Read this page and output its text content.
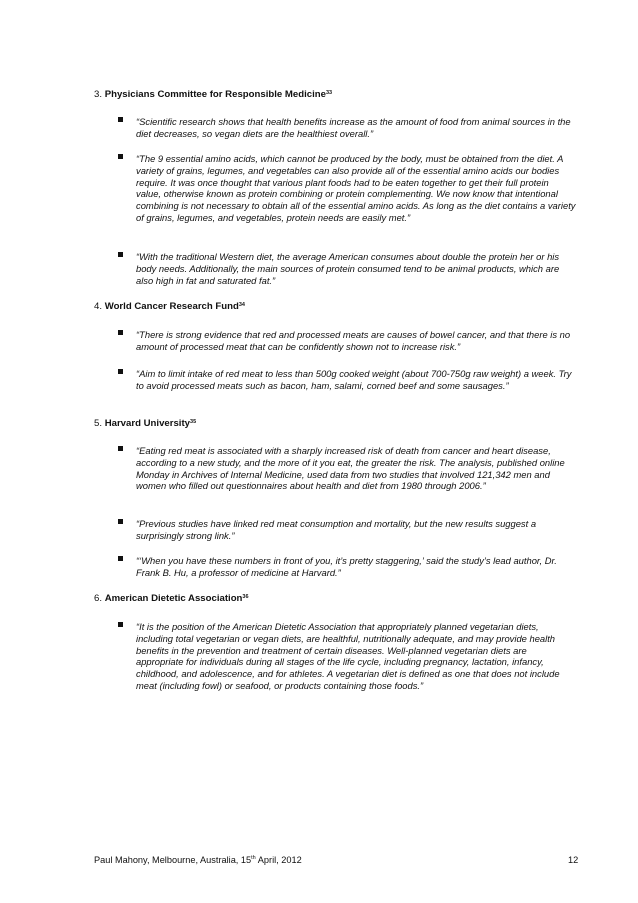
3. Physicians Committee for Responsible Medicine$^{33}$

“Scientific research shows that health benefits increase as the amount of food from animal sources in the diet decreases, so vegan diets are the healthiest overall.”

“The 9 essential amino acids, which cannot be produced by the body, must be obtained from the diet. A variety of grains, legumes, and vegetables can also provide all of the essential amino acids our bodies require. It was once thought that various plant foods had to be eaten together to get their full protein value, otherwise known as protein combining or protein complementing. We now know that intentional combining is not necessary to obtain all of the essential amino acids. As long as the diet contains a variety of grains, legumes, and vegetables, protein needs are easily met.”

“With the traditional Western diet, the average American consumes about double the protein her or his body needs. Additionally, the main sources of protein consumed tend to be animal products, which are also high in fat and saturated fat.”

4. World Cancer Research Fund$^{34}$

“There is strong evidence that red and processed meats are causes of bowel cancer, and that there is no amount of processed meat that can be confidently shown not to increase risk.”

“Aim to limit intake of red meat to less than 500g cooked weight (about 700-750g raw weight) a week. Try to avoid processed meats such as bacon, ham, salami, corned beef and some sausages.”

5. Harvard University$^{35}$

“Eating red meat is associated with a sharply increased risk of death from cancer and heart disease, according to a new study, and the more of it you eat, the greater the risk. The analysis, published online Monday in Archives of Internal Medicine, used data from two studies that involved 121,342 men and women who filled out questionnaires about health and diet from 1980 through 2006.”

“Previous studies have linked red meat consumption and mortality, but the new results suggest a surprisingly strong link.”

“‘When you have these numbers in front of you, it’s pretty staggering,’ said the study’s lead author, Dr. Frank B. Hu, a professor of medicine at Harvard.”

6. American Dietetic Association$^{36}$

“It is the position of the American Dietetic Association that appropriately planned vegetarian diets, including total vegetarian or vegan diets, are healthful, nutritionally adequate, and may provide health benefits in the prevention and treatment of certain diseases. Well-planned vegetarian diets are appropriate for individuals during all stages of the life cycle, including pregnancy, lactation, infancy, childhood, and adolescence, and for athletes. A vegetarian diet is defined as one that does not include meat (including fowl) or seafood, or products containing those foods.”

Paul Mahony, Melbourne, Australia, 15th April, 2012	12
